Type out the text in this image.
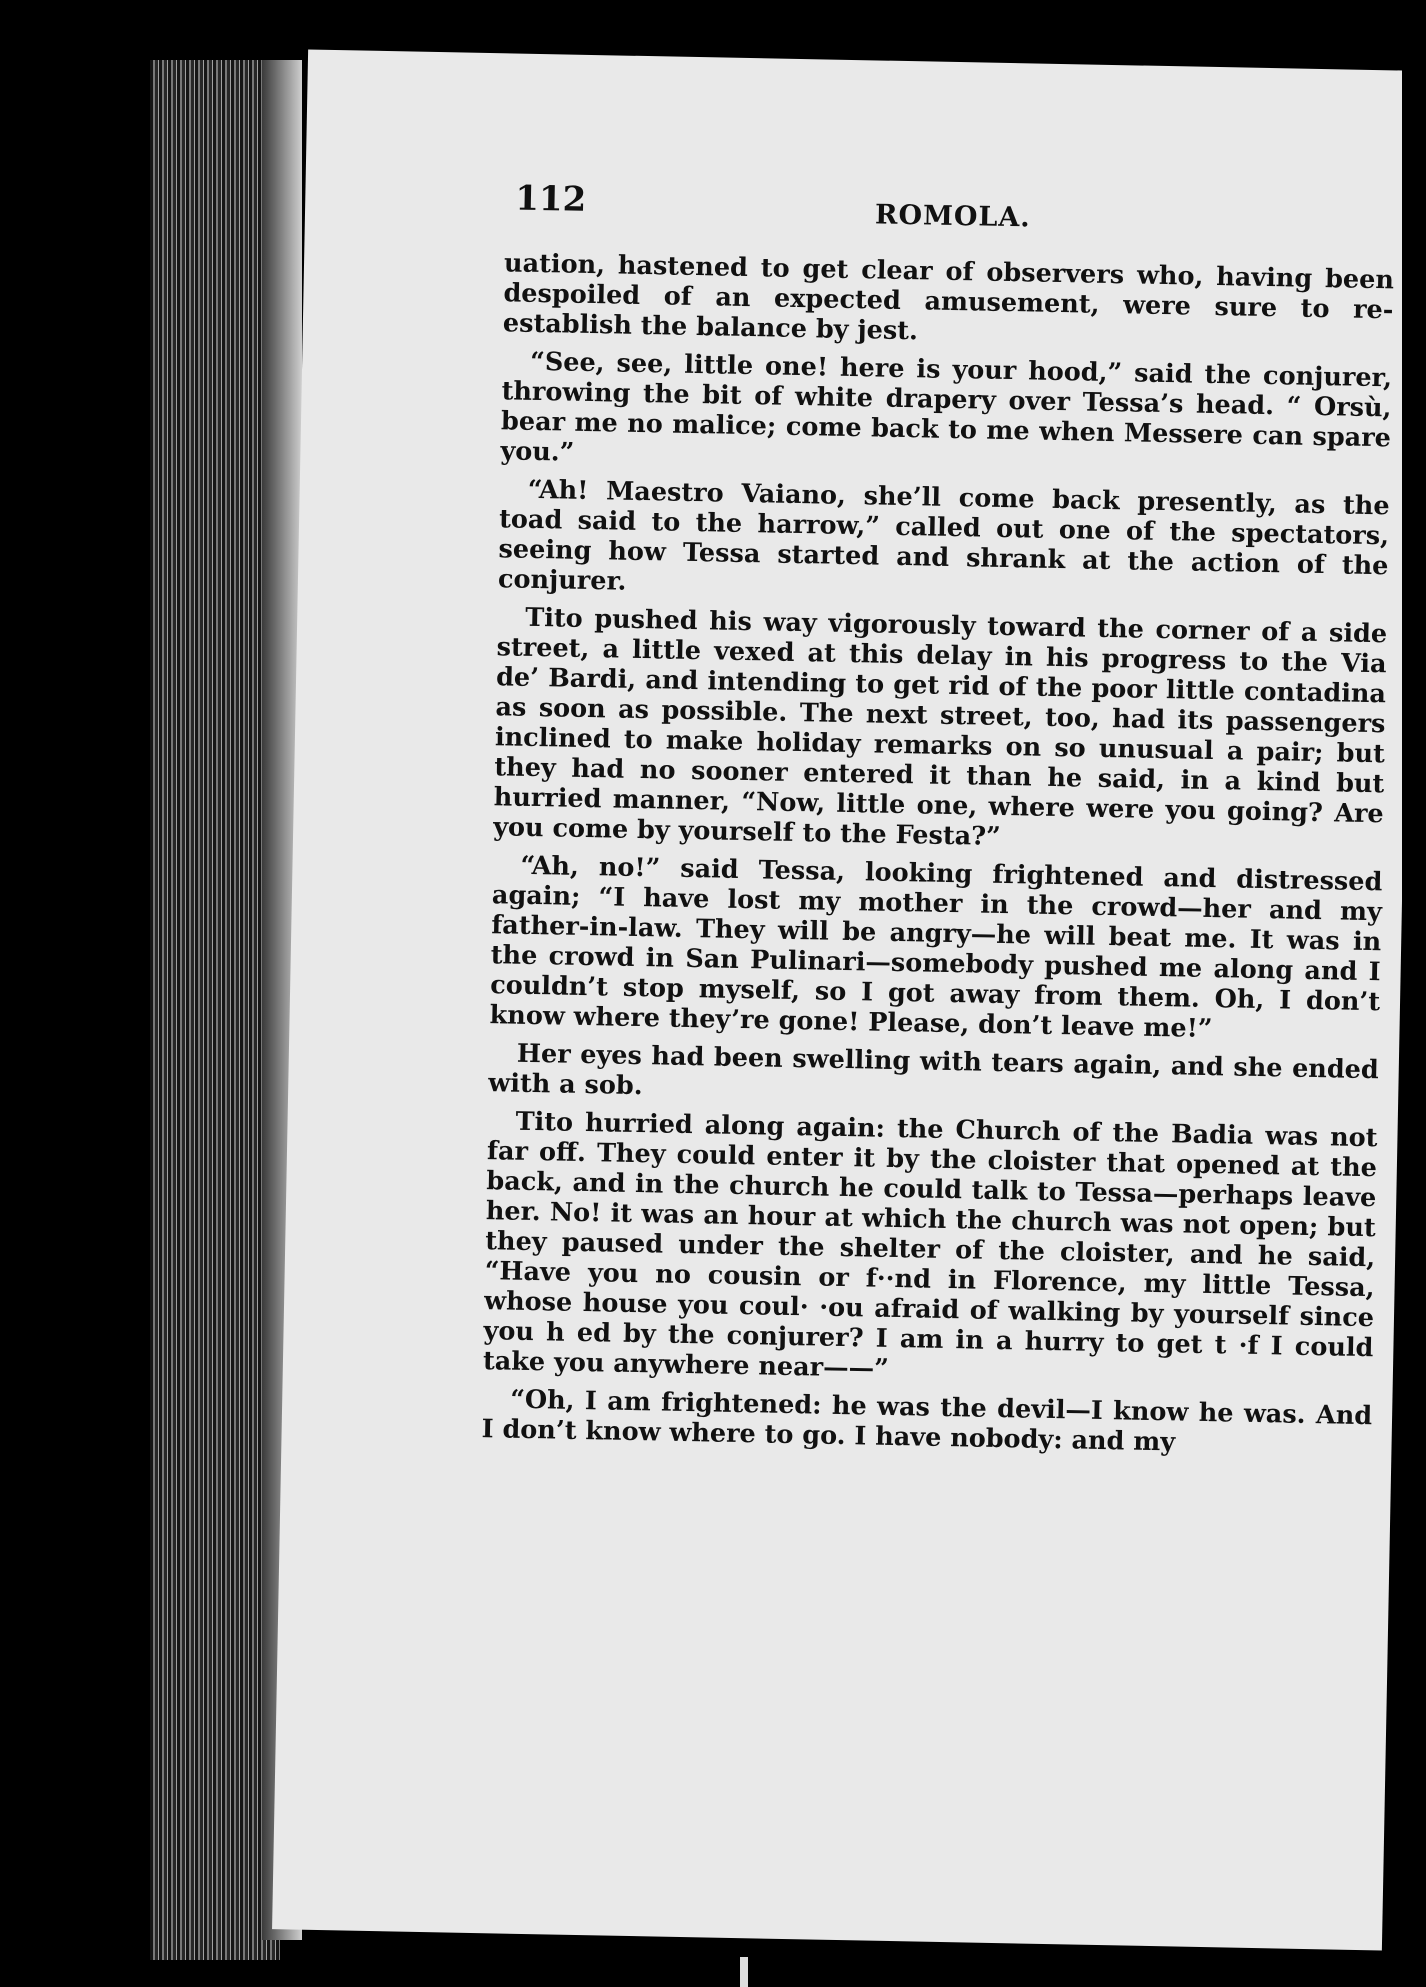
112	ROMOLA.

uation, hastened to get clear of observers who, having been despoiled of an expected amusement, were sure to re-establish the balance by jest.

“See, see, little one! here is your hood,” said the conjurer, throwing the bit of white drapery over Tessa’s head. “ Orsù, bear me no malice; come back to me when Messere can spare you.”

“Ah! Maestro Vaiano, she’ll come back presently, as the toad said to the harrow,” called out one of the spectators, seeing how Tessa started and shrank at the action of the conjurer.

Tito pushed his way vigorously toward the corner of a side street, a little vexed at this delay in his progress to the Via de’ Bardi, and intending to get rid of the poor little contadina as soon as possible. The next street, too, had its passengers inclined to make holiday remarks on so unusual a pair; but they had no sooner entered it than he said, in a kind but hurried manner, “Now, little one, where were you going? Are you come by yourself to the Festa?”

“Ah, no!” said Tessa, looking frightened and distressed again; “I have lost my mother in the crowd—her and my father-in-law. They will be angry—he will beat me. It was in the crowd in San Pulinari—somebody pushed me along and I couldn’t stop myself, so I got away from them. Oh, I don’t know where they’re gone! Please, don’t leave me!”

Her eyes had been swelling with tears again, and she ended with a sob.

Tito hurried along again: the Church of the Badia was not far off. They could enter it by the cloister that opened at the back, and in the church he could talk to Tessa—perhaps leave her. No! it was an hour at which the church was not open; but they paused under the shelter of the cloister, and he said, “Have you no cousin or f··nd in Florence, my little Tessa, whose house you coul· ·ou afraid of walking by yourself since you h ed by the conjurer? I am in a hurry to get t ·f I could take you anywhere near——”

“Oh, I am frightened: he was the devil—I know he was. And I don’t know where to go. I have nobody: and my
